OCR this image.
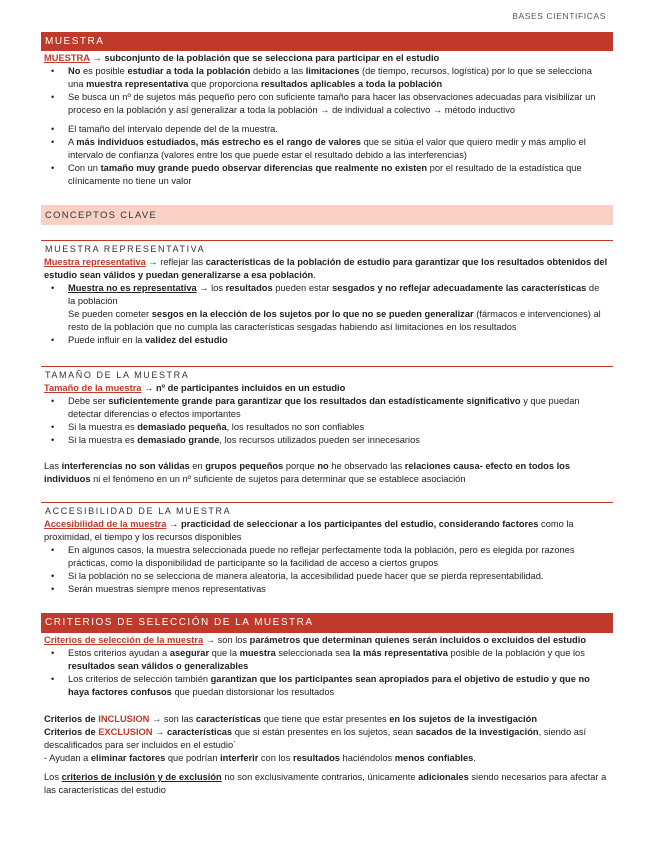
BASES CIENTIFICAS
MUESTRA

MUESTRA → subconjunto de la población que se selecciona para participar en el estudio

• No es posible estudiar a toda la población debido a las limitaciones (de tiempo, recursos, logística) por lo que se selecciona una muestra representativa que proporciona resultados aplicables a toda la población
• Se busca un nº de sujetos más pequeño pero con suficiente tamaño para hacer las observaciones adecuadas para visibilizar un proceso en la población y así generalizar a toda la población → de individual a colectivo → método inductivo
• El tamaño del intervalo depende del de la muestra.
• A más individuos estudiados, más estrecho es el rango de valores que se sitúa el valor que quiero medir y más amplio el intervalo de confianza (valores entre los que puede estar el resultado debido a las interferencias)
• Con un tamaño muy grande puedo observar diferencias que realmente no existen por el resultado de la estadística que clínicamente no tiene un valor
CONCEPTOS CLAVE
MUESTRA REPRESENTATIVA

Muestra representativa → reflejar las características de la población de estudio para garantizar que los resultados obtenidos del estudio sean válidos y puedan generalizarse a esa población.

• Muestra no es representativa → los resultados pueden estar sesgados y no reflejar adecuadamente las características de la población
Se pueden cometer sesgos en la elección de los sujetos por lo que no se pueden generalizar (fármacos e intervenciones) al resto de la población que no cumpla las características sesgadas habiendo así limitaciones en los resultados
• Puede influir en la validez del estudio
TAMAÑO DE LA MUESTRA

Tamaño de la muestra → nº de participantes incluidos en un estudio

• Debe ser suficientemente grande para garantizar que los resultados dan estadísticamente significativo y que puedan detectar diferencias o efectos importantes
• Si la muestra es demasiado pequeña, los resultados no son confiables
• Si la muestra es demasiado grande, los recursos utilizados pueden ser innecesarios

Las interferencias no son válidas en grupos pequeños porque no he observado las relaciones causa- efecto en todos los individuos ni el fenómeno en un nº suficiente de sujetos para determinar que se establece asociación

ACCESIBILIDAD DE LA MUESTRA

Accesibilidad de la muestra → practicidad de seleccionar a los participantes del estudio, considerando factores como la proximidad, el tiempo y los recursos disponibles

• En algunos casos, la muestra seleccionada puede no reflejar perfectamente toda la población, pero es elegida por razones prácticas, como la disponibilidad de participante so la facilidad de acceso a ciertos grupos
• Si la población no se selecciona de manera aleatoria, la accesibilidad puede hacer que se pierda representabilidad.
• Serán muestras siempre menos representativas
CRITERIOS DE SELECCIÓN DE LA MUESTRA

Criterios de selección de la muestra → son los parámetros que determinan quienes serán incluidos o excluidos del estudio

• Estos criterios ayudan a asegurar que la muestra seleccionada sea la más representativa posible de la población y que los resultados sean válidos o generalizables
• Los criterios de selección también garantizan que los participantes sean apropiados para el objetivo de estudio y que no haya factores confusos que puedan distorsionar los resultados

Criterios de INCLUSION → son las características que tiene que estar presentes en los sujetos de la investigación

Criterios de EXCLUSION → características que si están presentes en los sujetos, sean sacados de la investigación, siendo así descalificados para ser incluidos en el estudio´

- Ayudan a eliminar factores que podrían interferir con los resultados haciéndolos menos confiables.

Los criterios de inclusión y de exclusión no son exclusivamente contrarios, únicamente adicionales siendo necesarios para afectar a las características del estudio
